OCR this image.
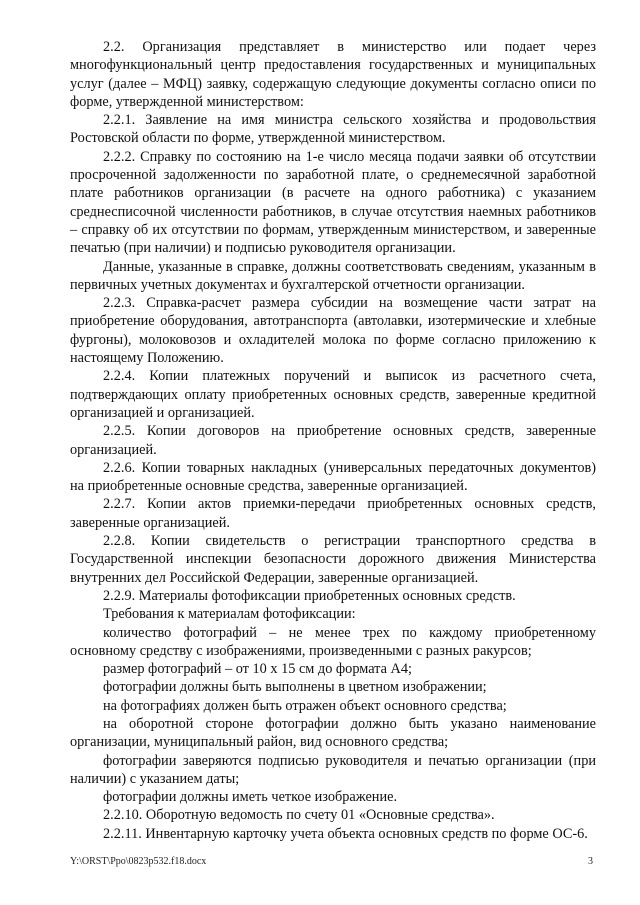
2.2. Организация представляет в министерство или подает через многофункциональный центр предоставления государственных и муниципальных услуг (далее – МФЦ) заявку, содержащую следующие документы согласно описи по форме, утвержденной министерством:

2.2.1. Заявление на имя министра сельского хозяйства и продовольствия Ростовской области по форме, утвержденной министерством.

2.2.2. Справку по состоянию на 1-е число месяца подачи заявки об отсутствии просроченной задолженности по заработной плате, о среднемесячной заработной плате работников организации (в расчете на одного работника) с указанием среднесписочной численности работников, в случае отсутствия наемных работников – справку об их отсутствии по формам, утвержденным министерством, и заверенные печатью (при наличии) и подписью руководителя организации.

Данные, указанные в справке, должны соответствовать сведениям, указанным в первичных учетных документах и бухгалтерской отчетности организации.

2.2.3. Справка-расчет размера субсидии на возмещение части затрат на приобретение оборудования, автотранспорта (автолавки, изотермические и хлебные фургоны), молоковозов и охладителей молока по форме согласно приложению к настоящему Положению.

2.2.4. Копии платежных поручений и выписок из расчетного счета, подтверждающих оплату приобретенных основных средств, заверенные кредитной организацией и организацией.

2.2.5. Копии договоров на приобретение основных средств, заверенные организацией.

2.2.6. Копии товарных накладных (универсальных передаточных документов) на приобретенные основные средства, заверенные организацией.

2.2.7. Копии актов приемки-передачи приобретенных основных средств, заверенные организацией.

2.2.8. Копии свидетельств о регистрации транспортного средства в Государственной инспекции безопасности дорожного движения Министерства внутренних дел Российской Федерации, заверенные организацией.

2.2.9. Материалы фотофиксации приобретенных основных средств.

Требования к материалам фотофиксации:

количество фотографий – не менее трех по каждому приобретенному основному средству с изображениями, произведенными с разных ракурсов;

размер фотографий – от 10 х 15 см до формата А4;

фотографии должны быть выполнены в цветном изображении;

на фотографиях должен быть отражен объект основного средства;

на оборотной стороне фотографии должно быть указано наименование организации, муниципальный район, вид основного средства;

фотографии заверяются подписью руководителя и печатью организации (при наличии) с указанием даты;

фотографии должны иметь четкое изображение.

2.2.10. Оборотную ведомость по счету 01 «Основные средства».

2.2.11. Инвентарную карточку учета объекта основных средств по форме ОС-6.

Y:\ORST\Ppo\0823p532.f18.docx	3
